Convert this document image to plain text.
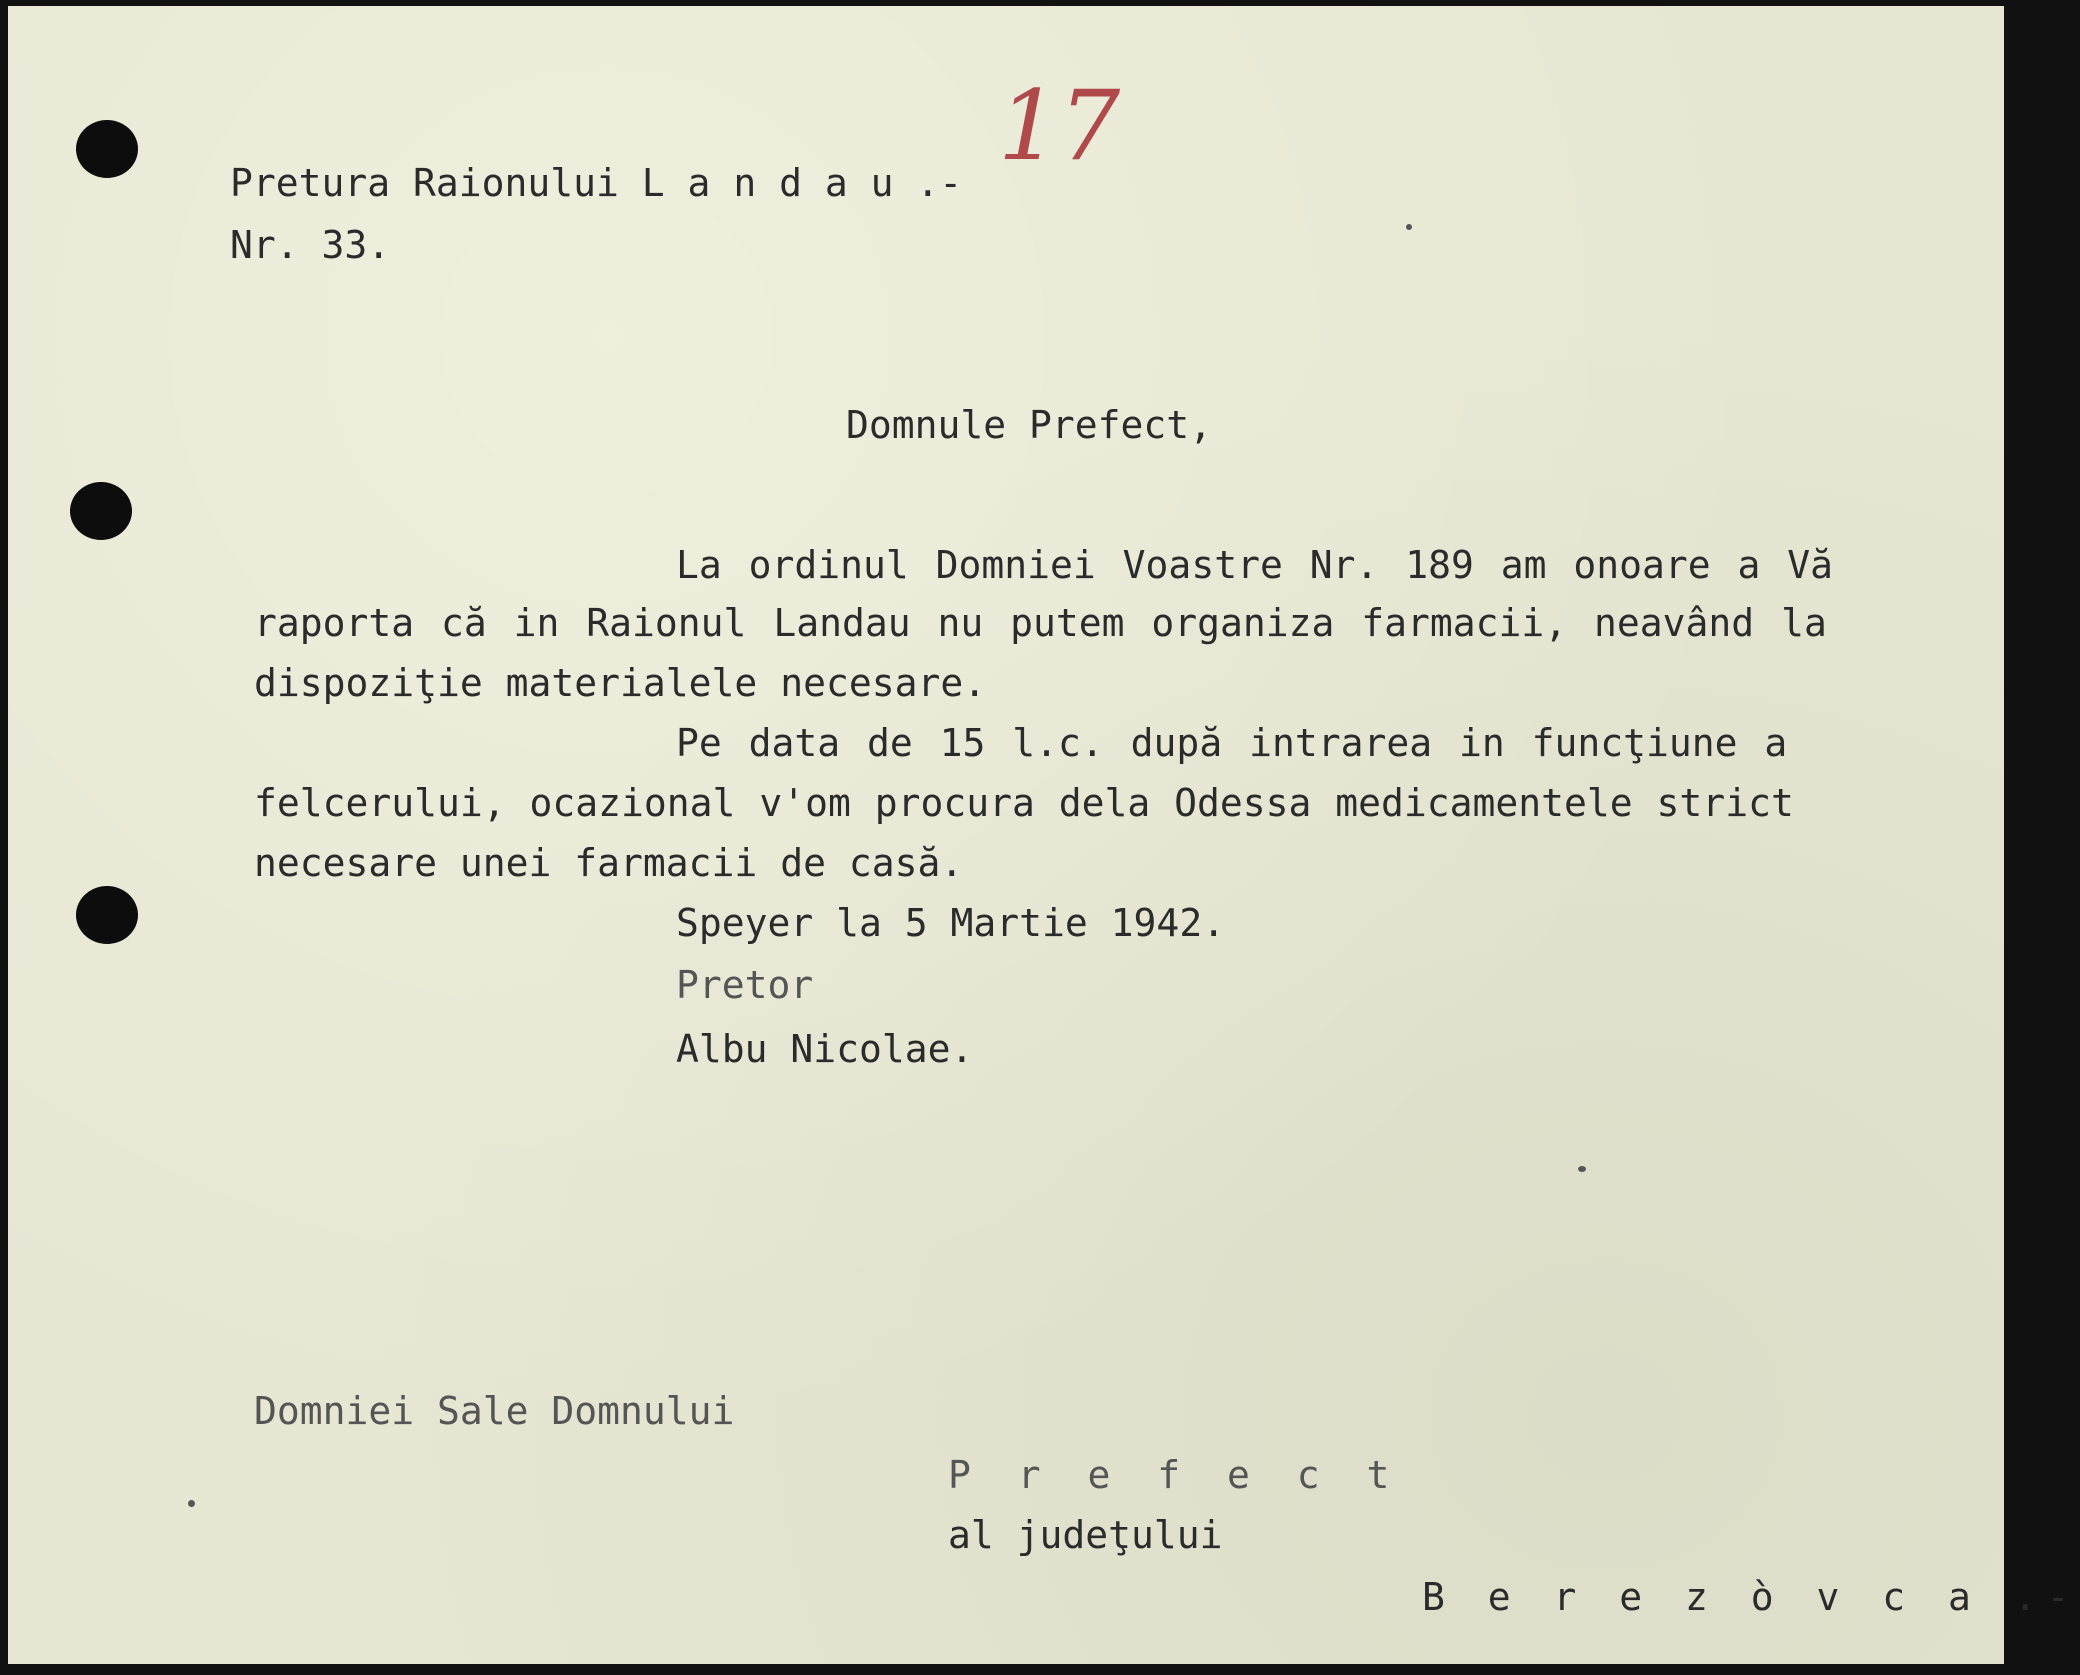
17
Pretura Raionului L a n d a u .-
Nr. 33.
Domnule Prefect,
La ordinul Domniei Voastre Nr. 189 am onoare a Vă
raporta că in Raionul Landau nu putem organiza farmacii, neavând la
dispoziţie materialele necesare.
Pe data de 15 l.c. după intrarea in funcţiune a
felcerului, ocazional v'om procura dela Odessa medicamentele strict
necesare unei farmacii de casă.
Speyer la 5 Martie 1942.
Pretor
Albu Nicolae.
Domniei Sale Domnului
P r e f e c t
al judeţului
B e r e z ò v c a .-
